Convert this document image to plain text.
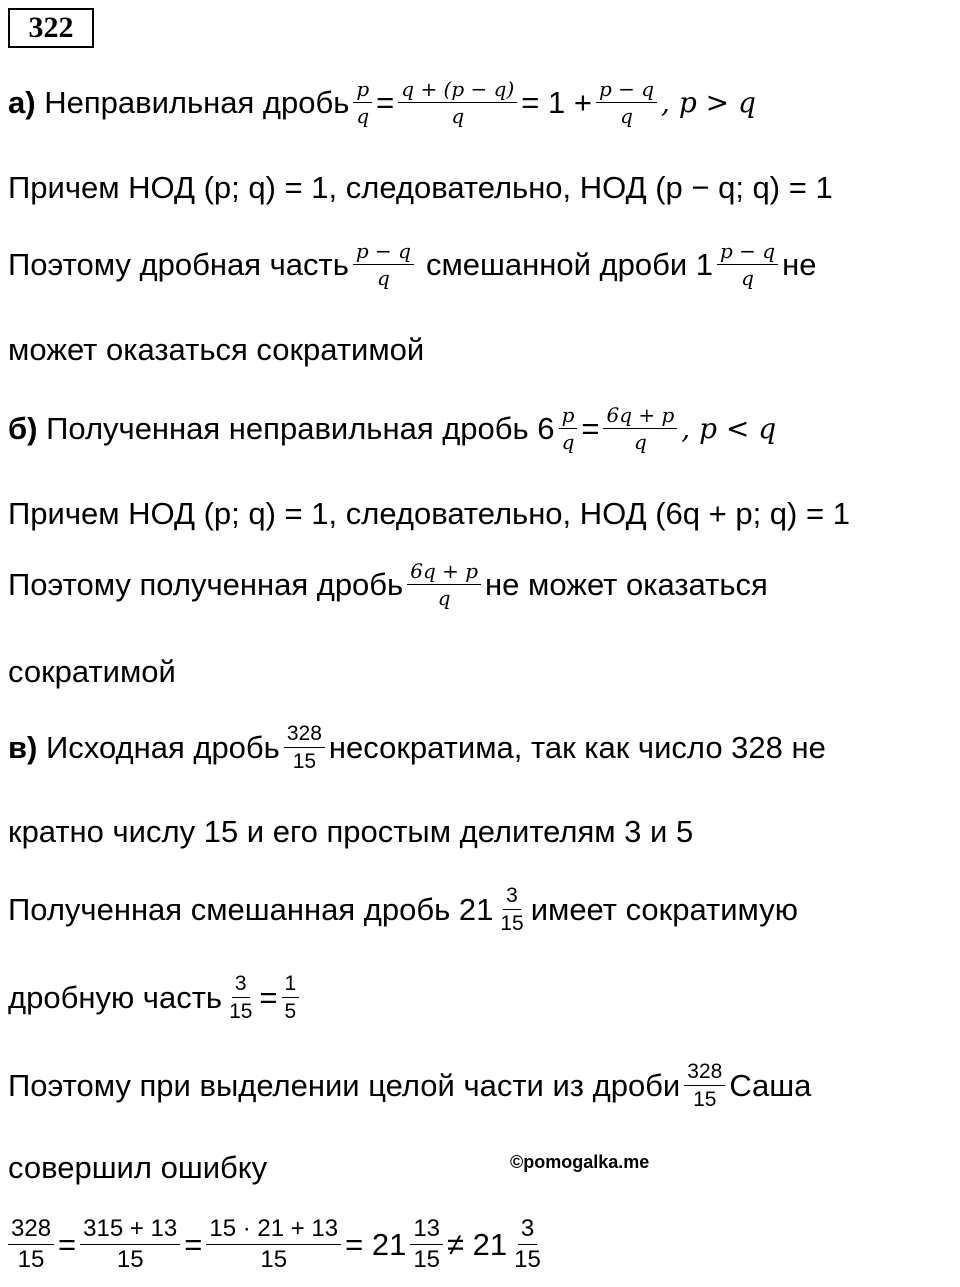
322
а)
Неправильная дробь $\frac{p}{q} = \frac{q + (p - q)}{q} = 1 + \frac{p - q}{q}$ , p > q
Причем НОД (p; q) = 1, следовательно, НОД (p − q; q) = 1
Поэтому дробная часть $\frac{p - q}{q}$ смешанной дроби $1 \frac{p - q}{q}$ не
может оказаться сократимой
б)
Полученная неправильная дробь $6 \frac{p}{q} = \frac{6q + p}{q}$ , p < q
Причем НОД (p; q) = 1, следовательно, НОД (6q + p; q) = 1
Поэтому полученная дробь $\frac{6q + p}{q}$ не может оказаться
сократимой
в)
Исходная дробь $\frac{328}{15}$ несократима, так как число 328 не
кратно числу 15 и его простым делителям 3 и 5
Полученная смешанная дробь $21 \frac{3}{15}$ имеет сократимую
дробную часть $\frac{3}{15} = \frac{1}{5}$
Поэтому при выделении целой части из дроби $\frac{328}{15}$ Саша
совершил ошибку	©pomogalka.me
$\frac{328}{15} = \frac{315 + 13}{15} = \frac{15 \cdot 21 + 13}{15} = 21 \frac{13}{15} \ne 21 \frac{3}{15}$
